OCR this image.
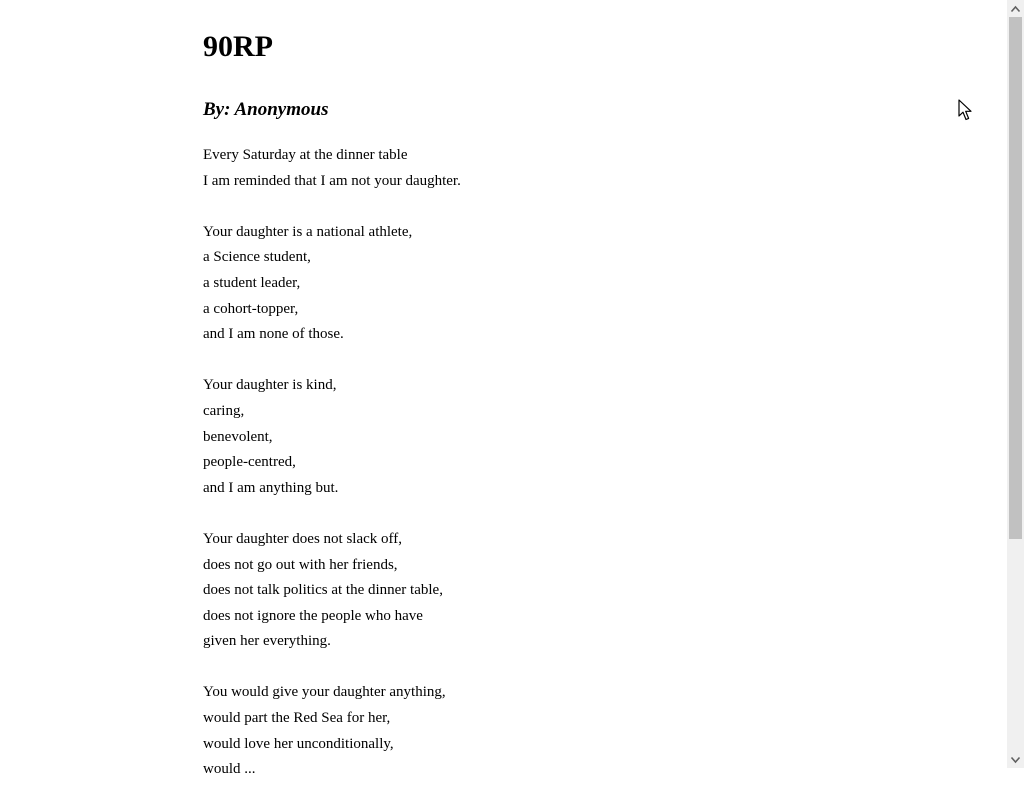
90RP
By: Anonymous

Every Saturday at the dinner table
I am reminded that I am not your daughter.

Your daughter is a national athlete,
a Science student,
a student leader,
a cohort-topper,
and I am none of those.

Your daughter is kind,
caring,
benevolent,
people-centred,
and I am anything but.

Your daughter does not slack off,
does not go out with her friends,
does not talk politics at the dinner table,
does not ignore the people who have
given her everything.

You would give your daughter anything,
would part the Red Sea for her,
would love her unconditionally,
would ...
